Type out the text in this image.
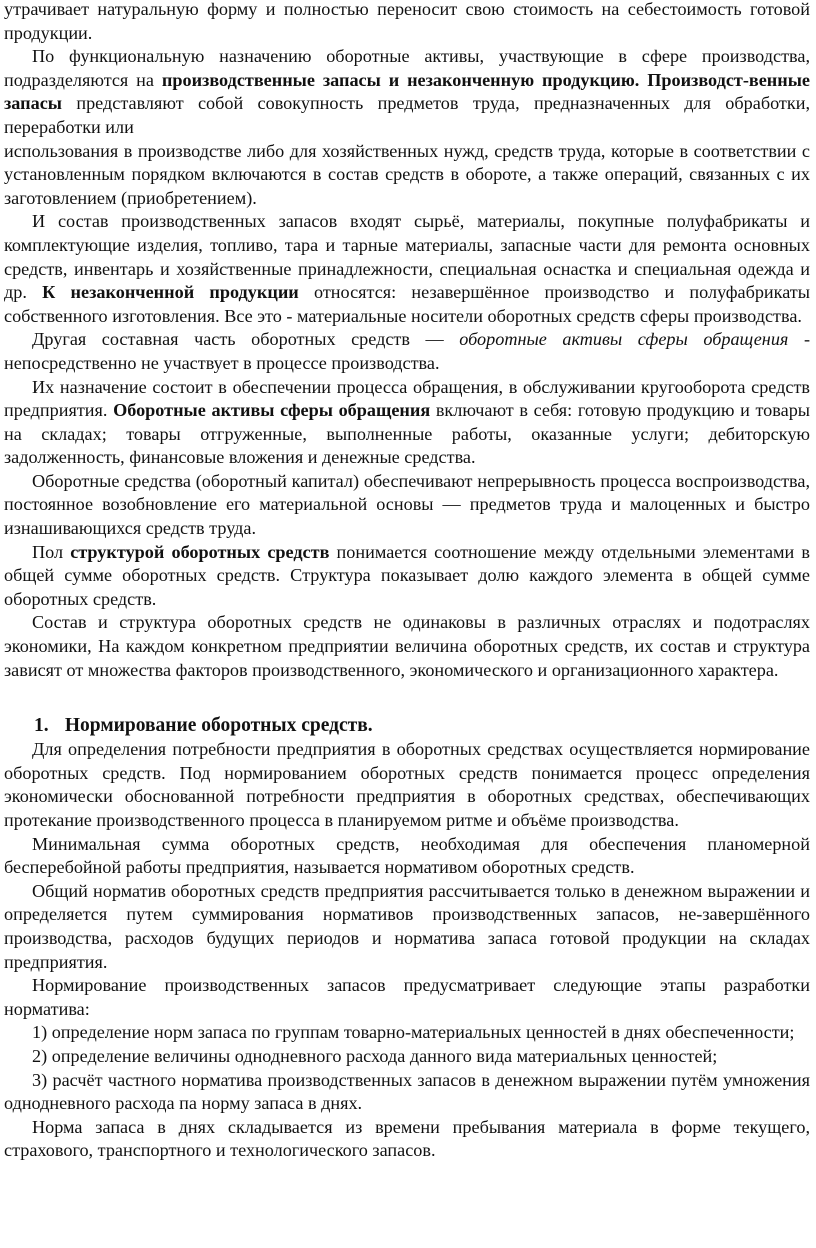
утрачивает натуральную форму и полностью переносит свою стоимость на себестоимость готовой продукции.

По функциональную назначению оборотные активы, участвующие в сфере производства, подразделяются на производственные запасы и незаконченную продукцию. Производст-венные запасы представляют собой совокупность предметов труда, предназначенных для обработки, переработки или

использования в производстве либо для хозяйственных нужд, средств труда, которые в соответствии с установленным порядком включаются в состав средств в обороте, а также операций, связанных с их заготовлением (приобретением).

И состав производственных запасов входят сырьё, материалы, покупные полуфабрикаты и комплектующие изделия, топливо, тара и тарные материалы, запасные части для ремонта основных средств, инвентарь и хозяйственные принадлежности, специальная оснастка и специальная одежда и др. К незаконченной продукции относятся: незавершённое производство и полуфабрикаты собственного изготовления. Все это - материальные носители оборотных средств сферы производства.

Другая составная часть оборотных средств — оборотные активы сферы обращения - непосредственно не участвует в процессе производства.

Их назначение состоит в обеспечении процесса обращения, в обслуживании кругооборота средств предприятия. Оборотные активы сферы обращения включают в себя: готовую продукцию и товары на складах; товары отгруженные, выполненные работы, оказанные услуги; дебиторскую задолженность, финансовые вложения и денежные средства.

Оборотные средства (оборотный капитал) обеспечивают непрерывность процесса воспроизводства, постоянное возобновление его материальной основы — предметов труда и малоценных и быстро изнашивающихся средств труда.

Пол структурой оборотных средств понимается соотношение между отдельными элементами в общей сумме оборотных средств. Структура показывает долю каждого элемента в общей сумме оборотных средств.

Состав и структура оборотных средств не одинаковы в различных отраслях и подотраслях экономики, На каждом конкретном предприятии величина оборотных средств, их состав и структура зависят от множества факторов производственного, экономического и организационного характера.

1. Нормирование оборотных средств.

Для определения потребности предприятия в оборотных средствах осуществляется нормирование оборотных средств. Под нормированием оборотных средств понимается процесс определения экономически обоснованной потребности предприятия в оборотных средствах, обеспечивающих протекание производственного процесса в планируемом ритме и объёме производства.

Минимальная сумма оборотных средств, необходимая для обеспечения планомерной бесперебойной работы предприятия, называется нормативом оборотных средств.

Общий норматив оборотных средств предприятия рассчитывается только в денежном выражении и определяется путем суммирования нормативов производственных запасов, не-завершённого производства, расходов будущих периодов и норматива запаса готовой продукции на складах предприятия.

Нормирование производственных запасов предусматривает следующие этапы разработки норматива:

1) определение норм запаса по группам товарно-материальных ценностей в днях обеспеченности;

2) определение величины однодневного расхода данного вида материальных ценностей;

3) расчёт частного норматива производственных запасов в денежном выражении путём умножения однодневного расхода па норму запаса в днях.

Норма запаса в днях складывается из времени пребывания материала в форме текущего, страхового, транспортного и технологического запасов.
